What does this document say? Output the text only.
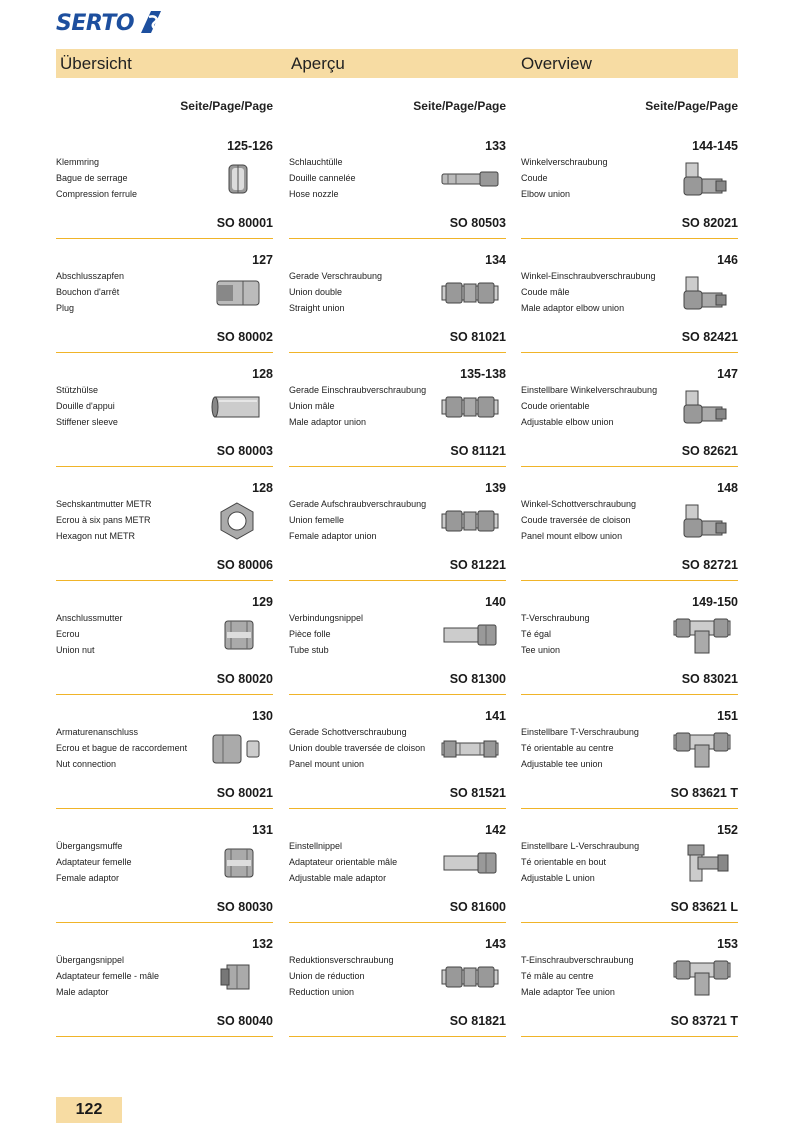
SERTO
Übersicht	Aperçu	Overview
Seite/Page/Page	Seite/Page/Page	Seite/Page/Page
125-126
Klemmring
Bague de serrage
Compression ferrule
SO 80001
127
Abschlusszapfen
Bouchon d'arrêt
Plug
SO 80002
128
Stützhülse
Douille d'appui
Stiffener sleeve
SO 80003
128
Sechskantmutter METR
Ecrou à six pans METR
Hexagon nut METR
SO 80006
129
Anschlussmutter
Ecrou
Union nut
SO 80020
130
Armaturenanschluss
Ecrou et bague de raccordement
Nut connection
SO 80021
131
Übergangsmuffe
Adaptateur femelle
Female adaptor
SO 80030
132
Übergangsnippel
Adaptateur femelle - mâle
Male adaptor
SO 80040
133
Schlauchtülle
Douille cannelée
Hose nozzle
SO 80503
134
Gerade Verschraubung
Union double
Straight union
SO 81021
135-138
Gerade Einschraubverschraubung
Union mâle
Male adaptor union
SO 81121
139
Gerade Aufschraubverschraubung
Union femelle
Female adaptor union
SO 81221
140
Verbindungsnippel
Pièce folle
Tube stub
SO 81300
141
Gerade Schottverschraubung
Union double traversée de cloison
Panel mount union
SO 81521
142
Einstellnippel
Adaptateur orientable mâle
Adjustable male adaptor
SO 81600
143
Reduktionsverschraubung
Union de réduction
Reduction union
SO 81821
144-145
Winkelverschraubung
Coude
Elbow union
SO 82021
146
Winkel-Einschraubverschraubung
Coude mâle
Male adaptor elbow union
SO 82421
147
Einstellbare Winkelverschraubung
Coude orientable
Adjustable elbow union
SO 82621
148
Winkel-Schottverschraubung
Coude traversée de cloison
Panel mount elbow union
SO 82721
149-150
T-Verschraubung
Té égal
Tee union
SO 83021
151
Einstellbare T-Verschraubung
Té orientable au centre
Adjustable tee union
SO 83621 T
152
Einstellbare L-Verschraubung
Té orientable en bout
Adjustable L union
SO 83621 L
153
T-Einschraubverschraubung
Té mâle au centre
Male adaptor Tee union
SO 83721 T
122
